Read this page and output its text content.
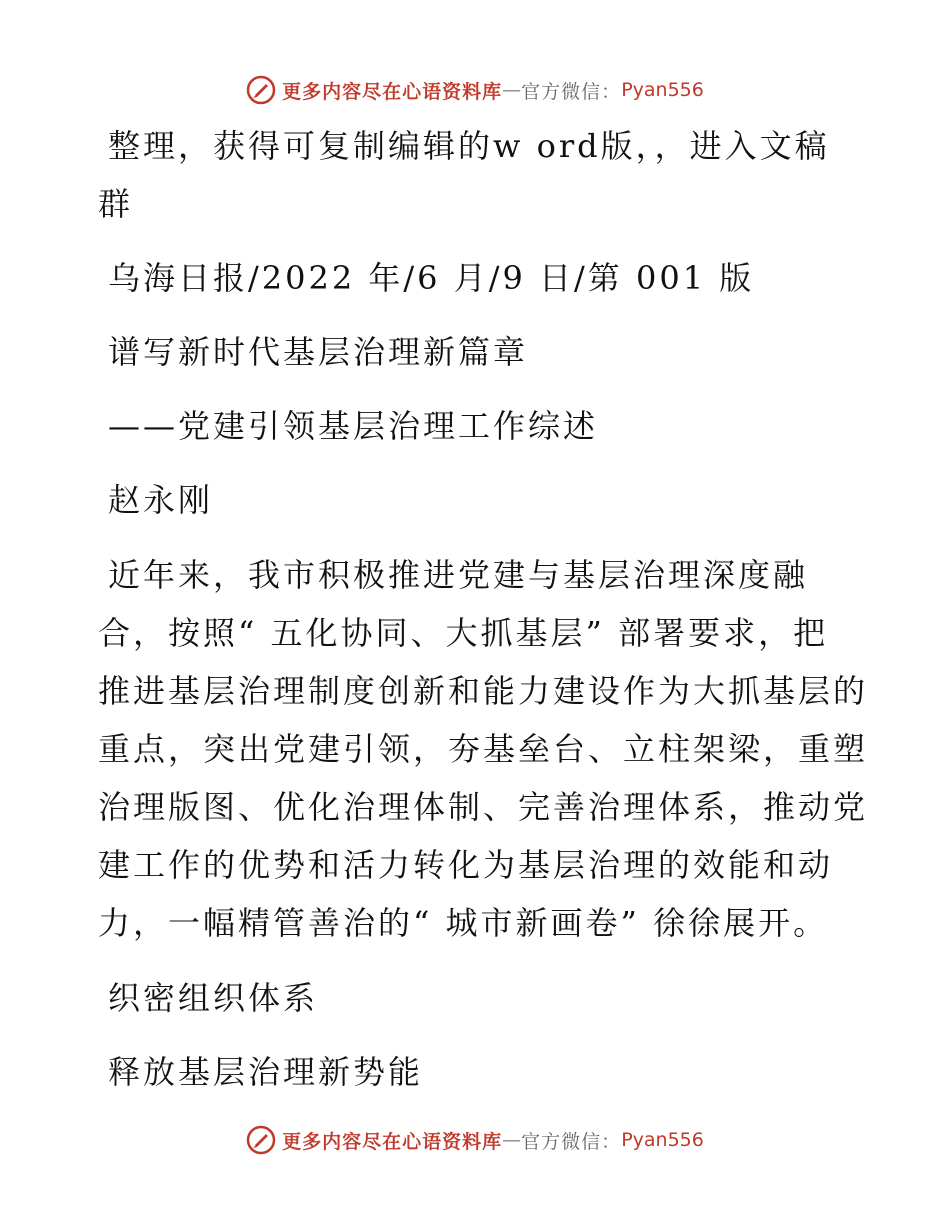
更多内容尽在心语资料库 — 官方微信： Pyan556
整理，获得可复制编辑的w ord版，，进入文稿
群
乌海日报/2022 年/6 月/9 日/第 001 版
谱写新时代基层治理新篇章
——党建引领基层治理工作综述
赵永刚
近年来，我市积极推进党建与基层治理深度融
合，按照“ 五化协同、大抓基层” 部署要求，把
推进基层治理制度创新和能力建设作为大抓基层的
重点，突出党建引领，夯基垒台、立柱架梁，重塑
治理版图、优化治理体制、完善治理体系，推动党
建工作的优势和活力转化为基层治理的效能和动
力，一幅精管善治的“ 城市新画卷” 徐徐展开。
织密组织体系
释放基层治理新势能
更多内容尽在心语资料库 — 官方微信： Pyan556
